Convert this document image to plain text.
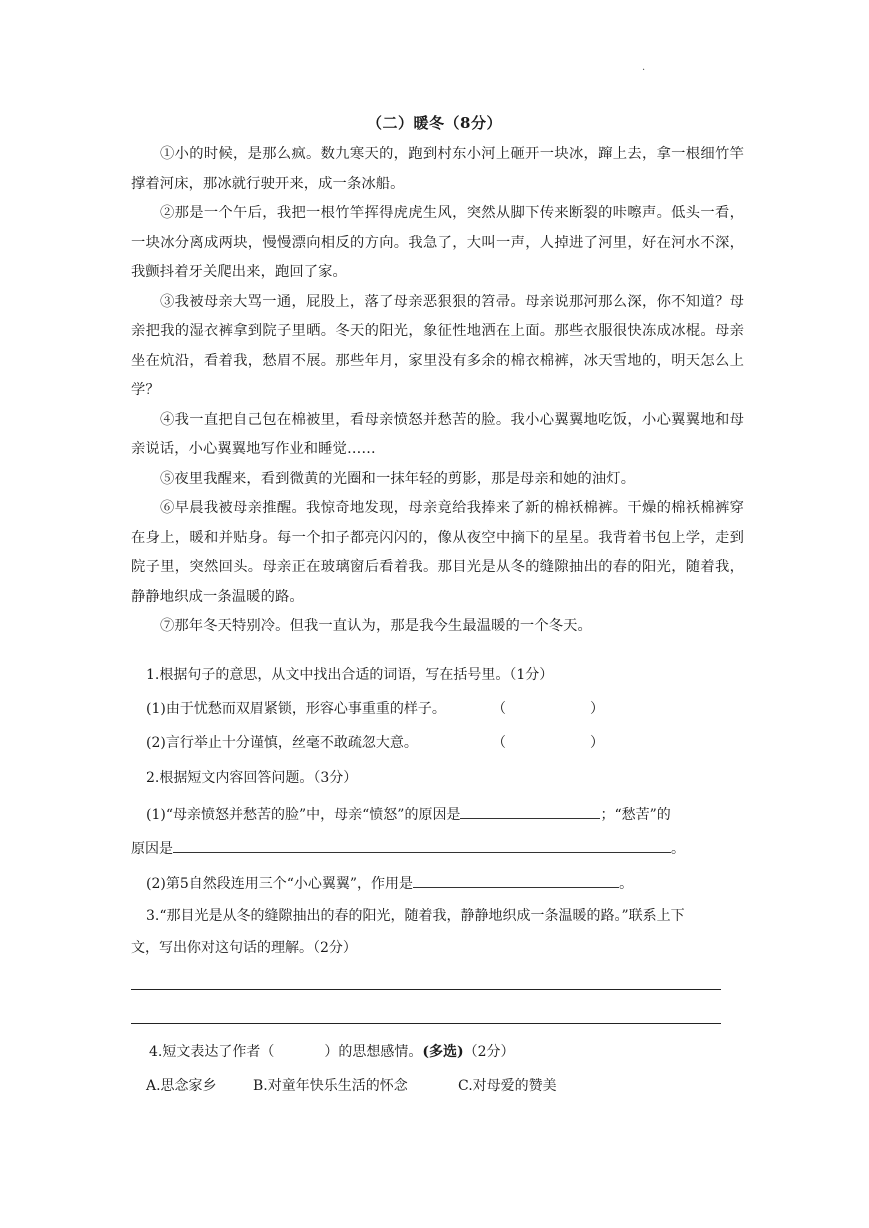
·
（二）暖冬（8分）

①小的时候，是那么疯。数九寒天的，跑到村东小河上砸开一块冰，蹿上去，拿一根细竹竿撑着河床，那冰就行驶开来，成一条冰船。

②那是一个午后，我把一根竹竿挥得虎虎生风，突然从脚下传来断裂的咔嚓声。低头一看，一块冰分离成两块，慢慢漂向相反的方向。我急了，大叫一声，人掉进了河里，好在河水不深，我颤抖着牙关爬出来，跑回了家。

③我被母亲大骂一通，屁股上，落了母亲恶狠狠的笤帚。母亲说那河那么深，你不知道？母亲把我的湿衣裤拿到院子里晒。冬天的阳光，象征性地洒在上面。那些衣服很快冻成冰棍。母亲坐在炕沿，看着我，愁眉不展。那些年月，家里没有多余的棉衣棉裤，冰天雪地的，明天怎么上学？

④我一直把自己包在棉被里，看母亲愤怒并愁苦的脸。我小心翼翼地吃饭，小心翼翼地和母亲说话，小心翼翼地写作业和睡觉……

⑤夜里我醒来，看到微黄的光圈和一抹年轻的剪影，那是母亲和她的油灯。

⑥早晨我被母亲推醒。我惊奇地发现，母亲竟给我捧来了新的棉袄棉裤。干燥的棉袄棉裤穿在身上，暖和并贴身。每一个扣子都亮闪闪的，像从夜空中摘下的星星。我背着书包上学，走到院子里，突然回头。母亲正在玻璃窗后看着我。那目光是从冬的缝隙抽出的春的阳光，随着我，静静地织成一条温暖的路。

⑦那年冬天特别冷。但我一直认为，那是我今生最温暖的一个冬天。

1.根据句子的意思，从文中找出合适的词语，写在括号里。（1分）
(1)由于忧愁而双眉紧锁，形容心事重重的样子。	（	）
(2)言行举止十分谨慎，丝毫不敢疏忽大意。	（	）
2.根据短文内容回答问题。（3分）
(1)“母亲愤怒并愁苦的脸”中，母亲“愤怒”的原因是	；“愁苦”的
原因是	。
(2)第5自然段连用三个“小心翼翼”，作用是	。
3.“那目光是从冬的缝隙抽出的春的阳光，随着我，静静地织成一条温暖的路。”联系上下
文，写出你对这句话的理解。（2分）
4.短文表达了作者（	）的思想感情。(多选)（2分）
A.思念家乡	B.对童年快乐生活的怀念	C.对母爱的赞美
